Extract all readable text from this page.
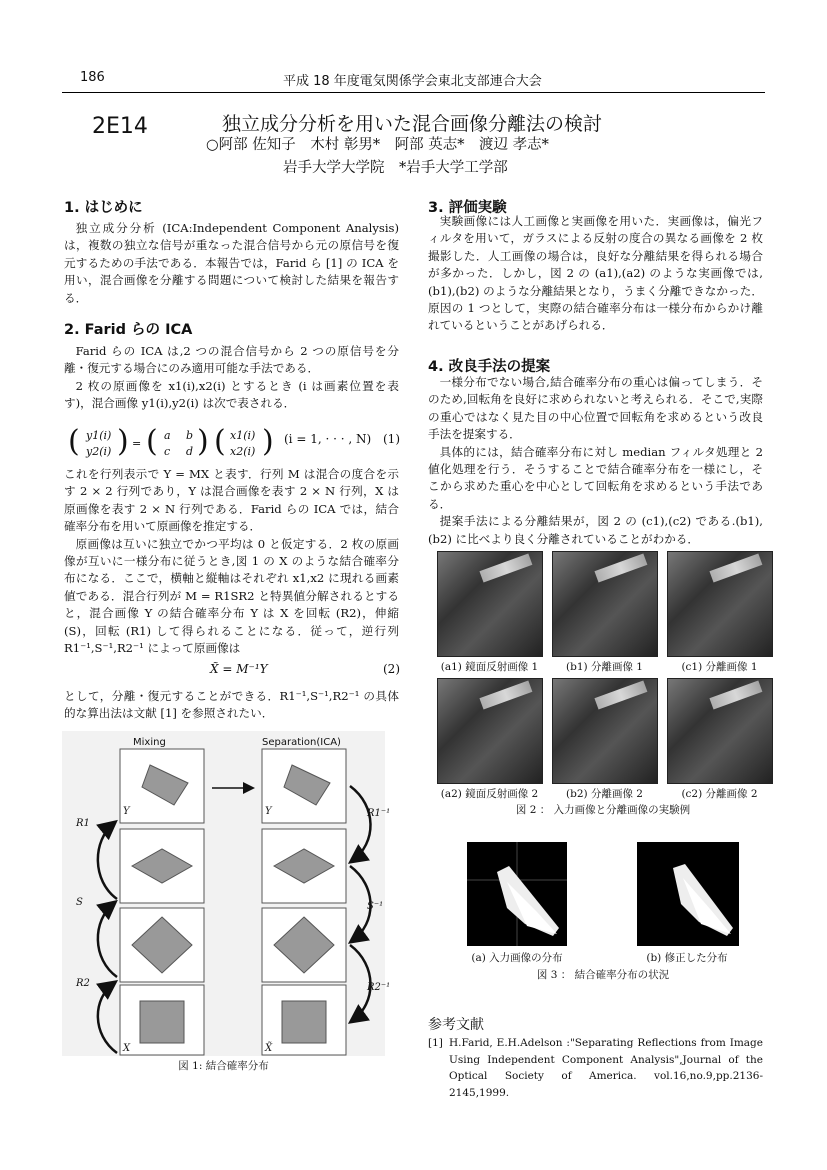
186	平成 18 年度電気関係学会東北支部連合大会
2E14	独立成分分析を用いた混合画像分離法の検討
○阿部 佐知子　木村 彰男*　阿部 英志*　渡辺 孝志*
岩手大学大学院　*岩手大学工学部
1. はじめに

独立成分分析 (ICA:Independent Component Analysis) は，複数の独立な信号が重なった混合信号から元の原信号を復元するための手法である．本報告では，Farid ら [1] の ICA を用い，混合画像を分離する問題について検討した結果を報告する．

2. Farid らの ICA

Farid らの ICA は,2 つの混合信号から 2 つの原信号を分離・復元する場合にのみ適用可能な手法である．

2 枚の原画像を x1(i),x2(i) とするとき (i は画素位置を表す)，混合画像 y1(i),y2(i) は次で表される．

( y1(i)
y2(i) ) = ( a b
c d ) ( x1(i)
x2(i) ) (i = 1, · · · , N) (1)

これを行列表示で Y = MX と表す．行列 M は混合の度合を示す 2 × 2 行列であり，Y は混合画像を表す 2 × N 行列，X は原画像を表す 2 × N 行列である．Farid らの ICA では，結合確率分布を用いて原画像を推定する．

原画像は互いに独立でかつ平均は 0 と仮定する．2 枚の原画像が互いに一様分布に従うとき,図 1 の X のような結合確率分布になる．ここで，横軸と縦軸はそれぞれ x1,x2 に現れる画素値である．混合行列が M = R1SR2 と特異値分解されるとすると，混合画像 Y の結合確率分布 Y は X を回転 (R2)，伸縮 (S)，回転 (R1) して得られることになる．従って，逆行列 R1⁻¹,S⁻¹,R2⁻¹ によって原画像は

X̃ = M⁻¹Y	(2)

として，分離・復元することができる．R1⁻¹,S⁻¹,R2⁻¹ の具体的な算出法は文献 [1] を参照されたい．

Mixing	Separation(ICA)
R1
S
R2
R1⁻¹
S⁻¹
R2⁻¹
Y	Y
X	X̃
図 1: 結合確率分布
3. 評価実験

実験画像には人工画像と実画像を用いた．実画像は，偏光フィルタを用いて，ガラスによる反射の度合の異なる画像を 2 枚撮影した．人工画像の場合は，良好な分離結果を得られる場合が多かった．しかし，図 2 の (a1),(a2) のような実画像では,(b1),(b2) のような分離結果となり，うまく分離できなかった．原因の 1 つとして，実際の結合確率分布は一様分布からかけ離れているということがあげられる．

4. 改良手法の提案

一様分布でない場合,結合確率分布の重心は偏ってしまう．そのため,回転角を良好に求められないと考えられる．そこで,実際の重心ではなく見た目の中心位置で回転角を求めるという改良手法を提案する．

具体的には，結合確率分布に対し median フィルタ処理と 2 値化処理を行う．そうすることで結合確率分布を一様にし，そこから求めた重心を中心として回転角を求めるという手法である．

提案手法による分離結果が，図 2 の (c1),(c2) である.(b1),(b2) に比べより良く分離されていることがわかる．

(a1) 鏡面反射画像 1	(b1) 分離画像 1	(c1) 分離画像 1
(a2) 鏡面反射画像 2	(b2) 分離画像 2	(c2) 分離画像 2
図 2 ： 入力画像と分離画像の実験例
(a) 入力画像の分布	(b) 修正した分布
図 3 ： 結合確率分布の状況
参考文献
[1] H.Farid, E.H.Adelson :"Separating Reflections from Image Using Independent Component Analysis",Journal of the Optical Society of America. vol.16,no.9,pp.2136-2145,1999.
